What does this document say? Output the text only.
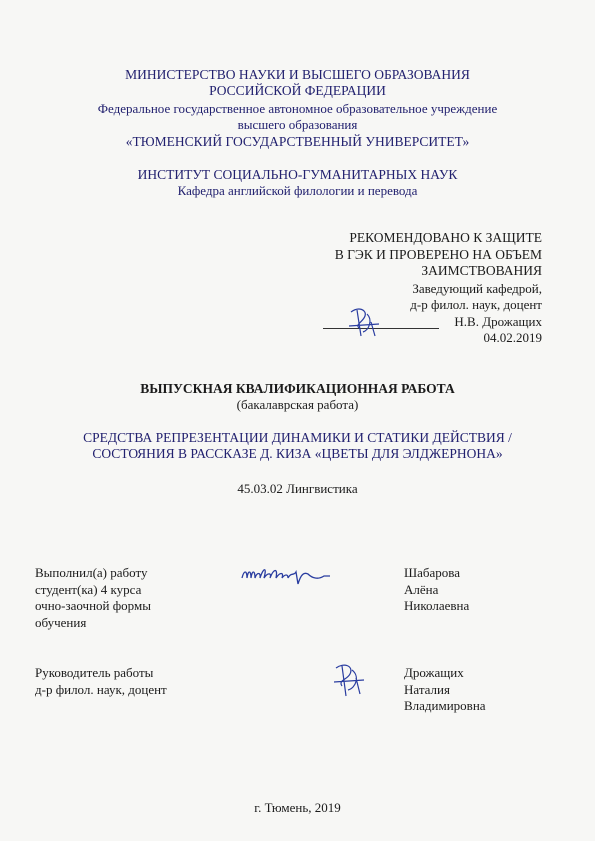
МИНИСТЕРСТВО НАУКИ И ВЫСШЕГО ОБРАЗОВАНИЯ
РОССИЙСКОЙ ФЕДЕРАЦИИ
Федеральное государственное автономное образовательное учреждение
высшего образования
«ТЮМЕНСКИЙ ГОСУДАРСТВЕННЫЙ УНИВЕРСИТЕТ»
ИНСТИТУТ СОЦИАЛЬНО-ГУМАНИТАРНЫХ НАУК
Кафедра английской филологии и перевода
РЕКОМЕНДОВАНО К ЗАЩИТЕ
В ГЭК И ПРОВЕРЕНО НА ОБЪЕМ
ЗАИМСТВОВАНИЯ
Заведующий кафедрой,
д-р филол. наук, доцент
Н.В. Дрожащих
04.02.2019
ВЫПУСКНАЯ КВАЛИФИКАЦИОННАЯ РАБОТА
(бакалаврская работа)
СРЕДСТВА РЕПРЕЗЕНТАЦИИ ДИНАМИКИ И СТАТИКИ ДЕЙСТВИЯ /
СОСТОЯНИЯ В РАССКАЗЕ Д. КИЗА «ЦВЕТЫ ДЛЯ ЭЛДЖЕРНОНА»
45.03.02 Лингвистика
Выполнил(а) работу
студент(ка) 4 курса
очно-заочной формы
обучения
Шабарова
Алёна
Николаевна
Руководитель работы
д-р филол. наук, доцент
Дрожащих
Наталия
Владимировна
г. Тюмень, 2019
